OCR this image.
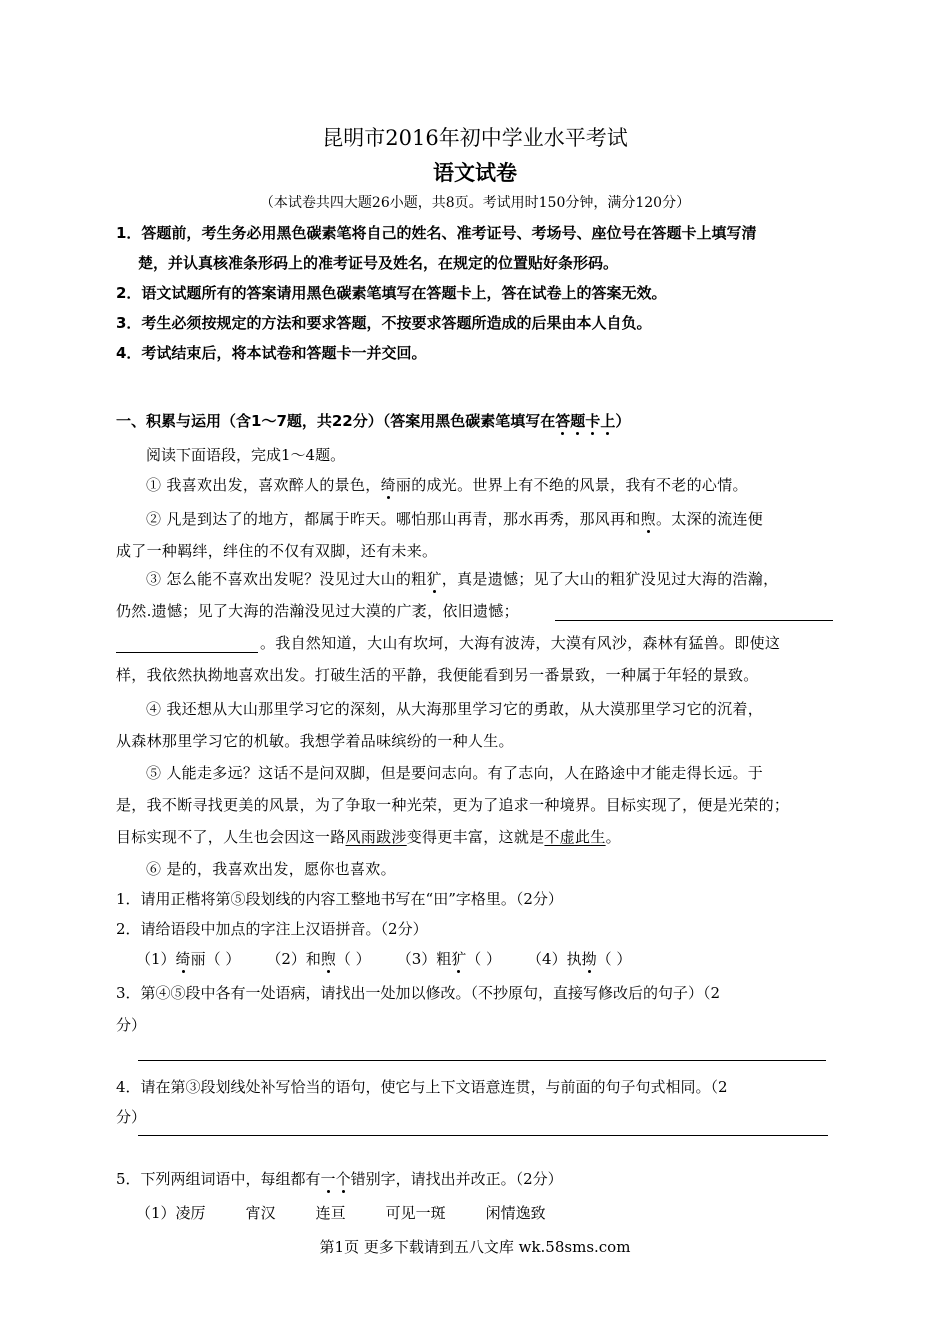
昆明市2016年初中学业水平考试
语文试卷
（本试卷共四大题26小题，共8页。考试用时150分钟，满分120分）
1．答题前，考生务必用黑色碳素笔将自己的姓名、准考证号、考场号、座位号在答题卡上填写清
楚，并认真核准条形码上的准考证号及姓名，在规定的位置贴好条形码。
2．语文试题所有的答案请用黑色碳素笔填写在答题卡上，答在试卷上的答案无效。
3．考生必须按规定的方法和要求答题，不按要求答题所造成的后果由本人自负。
4．考试结束后，将本试卷和答题卡一并交回。
一、积累与运用（含1～7题，共22分）（答案用黑色碳素笔填写在答题卡上）
阅读下面语段，完成1～4题。
① 我喜欢出发，喜欢醉人的景色，绮丽的成光。世界上有不绝的风景，我有不老的心情。
② 凡是到达了的地方，都属于昨天。哪怕那山再青，那水再秀，那风再和煦。太深的流连便
成了一种羁绊，绊住的不仅有双脚，还有未来。
③ 怎么能不喜欢出发呢？没见过大山的粗犷，真是遗憾；见了大山的粗犷没见过大海的浩瀚，
仍然.遗憾；见了大海的浩瀚没见过大漠的广袤，依旧遗憾；
。我自然知道，大山有坎坷，大海有波涛，大漠有风沙，森林有猛兽。即使这
样，我依然执拗地喜欢出发。打破生活的平静，我便能看到另一番景致，一种属于年轻的景致。
④ 我还想从大山那里学习它的深刻，从大海那里学习它的勇敢，从大漠那里学习它的沉着，
从森林那里学习它的机敏。我想学着品味缤纷的一种人生。
⑤ 人能走多远？这话不是问双脚，但是要问志向。有了志向，人在路途中才能走得长远。于
是，我不断寻找更美的风景，为了争取一种光荣，更为了追求一种境界。目标实现了，便是光荣的；
目标实现不了，人生也会因这一路风雨跋涉变得更丰富，这就是不虚此生。
⑥ 是的，我喜欢出发，愿你也喜欢。
1．请用正楷将第⑤段划线的内容工整地书写在“田”字格里。（2分）
2．请给语段中加点的字注上汉语拼音。（2分）
（1）绮丽（ ） （2）和煦（ ） （3）粗犷（ ） （4）执拗（ ）
3．第④⑤段中各有一处语病，请找出一处加以修改。（不抄原句，直接写修改后的句子）（2
分）
4．请在第③段划线处补写恰当的语句，使它与上下文语意连贯，与前面的句子句式相同。（2
分）
5．下列两组词语中，每组都有一个错别字，请找出并改正。（2分）
（1）凌厉	宵汉	连亘	可见一斑	闲情逸致
第1页 更多下载请到五八文库 wk.58sms.com
